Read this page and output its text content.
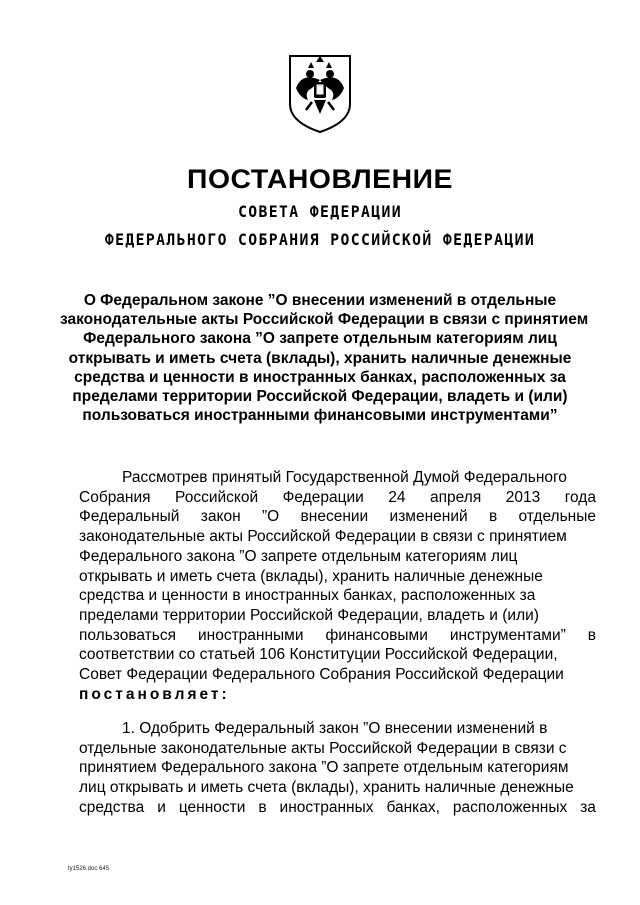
ПОСТАНОВЛЕНИЕ
СОВЕТА ФЕДЕРАЦИИ
ФЕДЕРАЛЬНОГО СОБРАНИЯ РОССИЙСКОЙ ФЕДЕРАЦИИ
О Федеральном законе ”О внесении изменений в отдельные
законодательные акты Российской Федерации в связи с принятием
Федерального закона ”О запрете отдельным категориям лиц
открывать и иметь счета (вклады), хранить наличные денежные
средства и ценности в иностранных банках, расположенных за
пределами территории Российской Федерации, владеть и (или)
пользоваться иностранными финансовыми инструментами”
Рассмотрев принятый Государственной Думой Федерального
Собрания Российской Федерации 24 апреля 2013 года
Федеральный закон ”О внесении изменений в отдельные
законодательные акты Российской Федерации в связи с принятием
Федерального закона ”О запрете отдельным категориям лиц
открывать и иметь счета (вклады), хранить наличные денежные
средства и ценности в иностранных банках, расположенных за
пределами территории Российской Федерации, владеть и (или)
пользоваться иностранными финансовыми инструментами” в
соответствии со статьей 106 Конституции Российской Федерации,
Совет Федерации Федерального Собрания Российской Федерации
постановляет:
1. Одобрить Федеральный закон ”О внесении изменений в
отдельные законодательные акты Российской Федерации в связи с
принятием Федерального закона ”О запрете отдельным категориям
лиц открывать и иметь счета (вклады), хранить наличные денежные
средства и ценности в иностранных банках, расположенных за
ty1526.doc 645
